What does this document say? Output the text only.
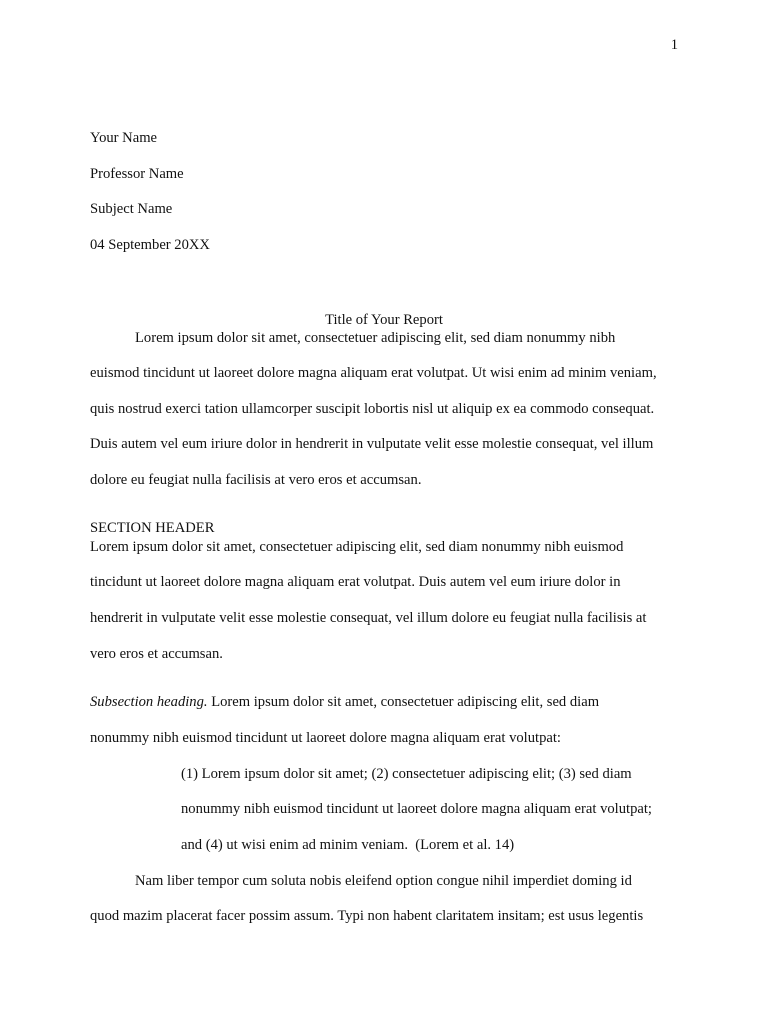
1
Your Name
Professor Name
Subject Name
04 September 20XX
Title of Your Report
Lorem ipsum dolor sit amet, consectetuer adipiscing elit, sed diam nonummy nibh
euismod tincidunt ut laoreet dolore magna aliquam erat volutpat. Ut wisi enim ad minim veniam,
quis nostrud exerci tation ullamcorper suscipit lobortis nisl ut aliquip ex ea commodo consequat.
Duis autem vel eum iriure dolor in hendrerit in vulputate velit esse molestie consequat, vel illum
dolore eu feugiat nulla facilisis at vero eros et accumsan.
SECTION HEADER
Lorem ipsum dolor sit amet, consectetuer adipiscing elit, sed diam nonummy nibh euismod
tincidunt ut laoreet dolore magna aliquam erat volutpat. Duis autem vel eum iriure dolor in
hendrerit in vulputate velit esse molestie consequat, vel illum dolore eu feugiat nulla facilisis at
vero eros et accumsan.
Subsection heading. Lorem ipsum dolor sit amet, consectetuer adipiscing elit, sed diam
nonummy nibh euismod tincidunt ut laoreet dolore magna aliquam erat volutpat:
(1) Lorem ipsum dolor sit amet; (2) consectetuer adipiscing elit; (3) sed diam
nonummy nibh euismod tincidunt ut laoreet dolore magna aliquam erat volutpat;
and (4) ut wisi enim ad minim veniam.  (Lorem et al. 14)
Nam liber tempor cum soluta nobis eleifend option congue nihil imperdiet doming id
quod mazim placerat facer possim assum. Typi non habent claritatem insitam; est usus legentis
